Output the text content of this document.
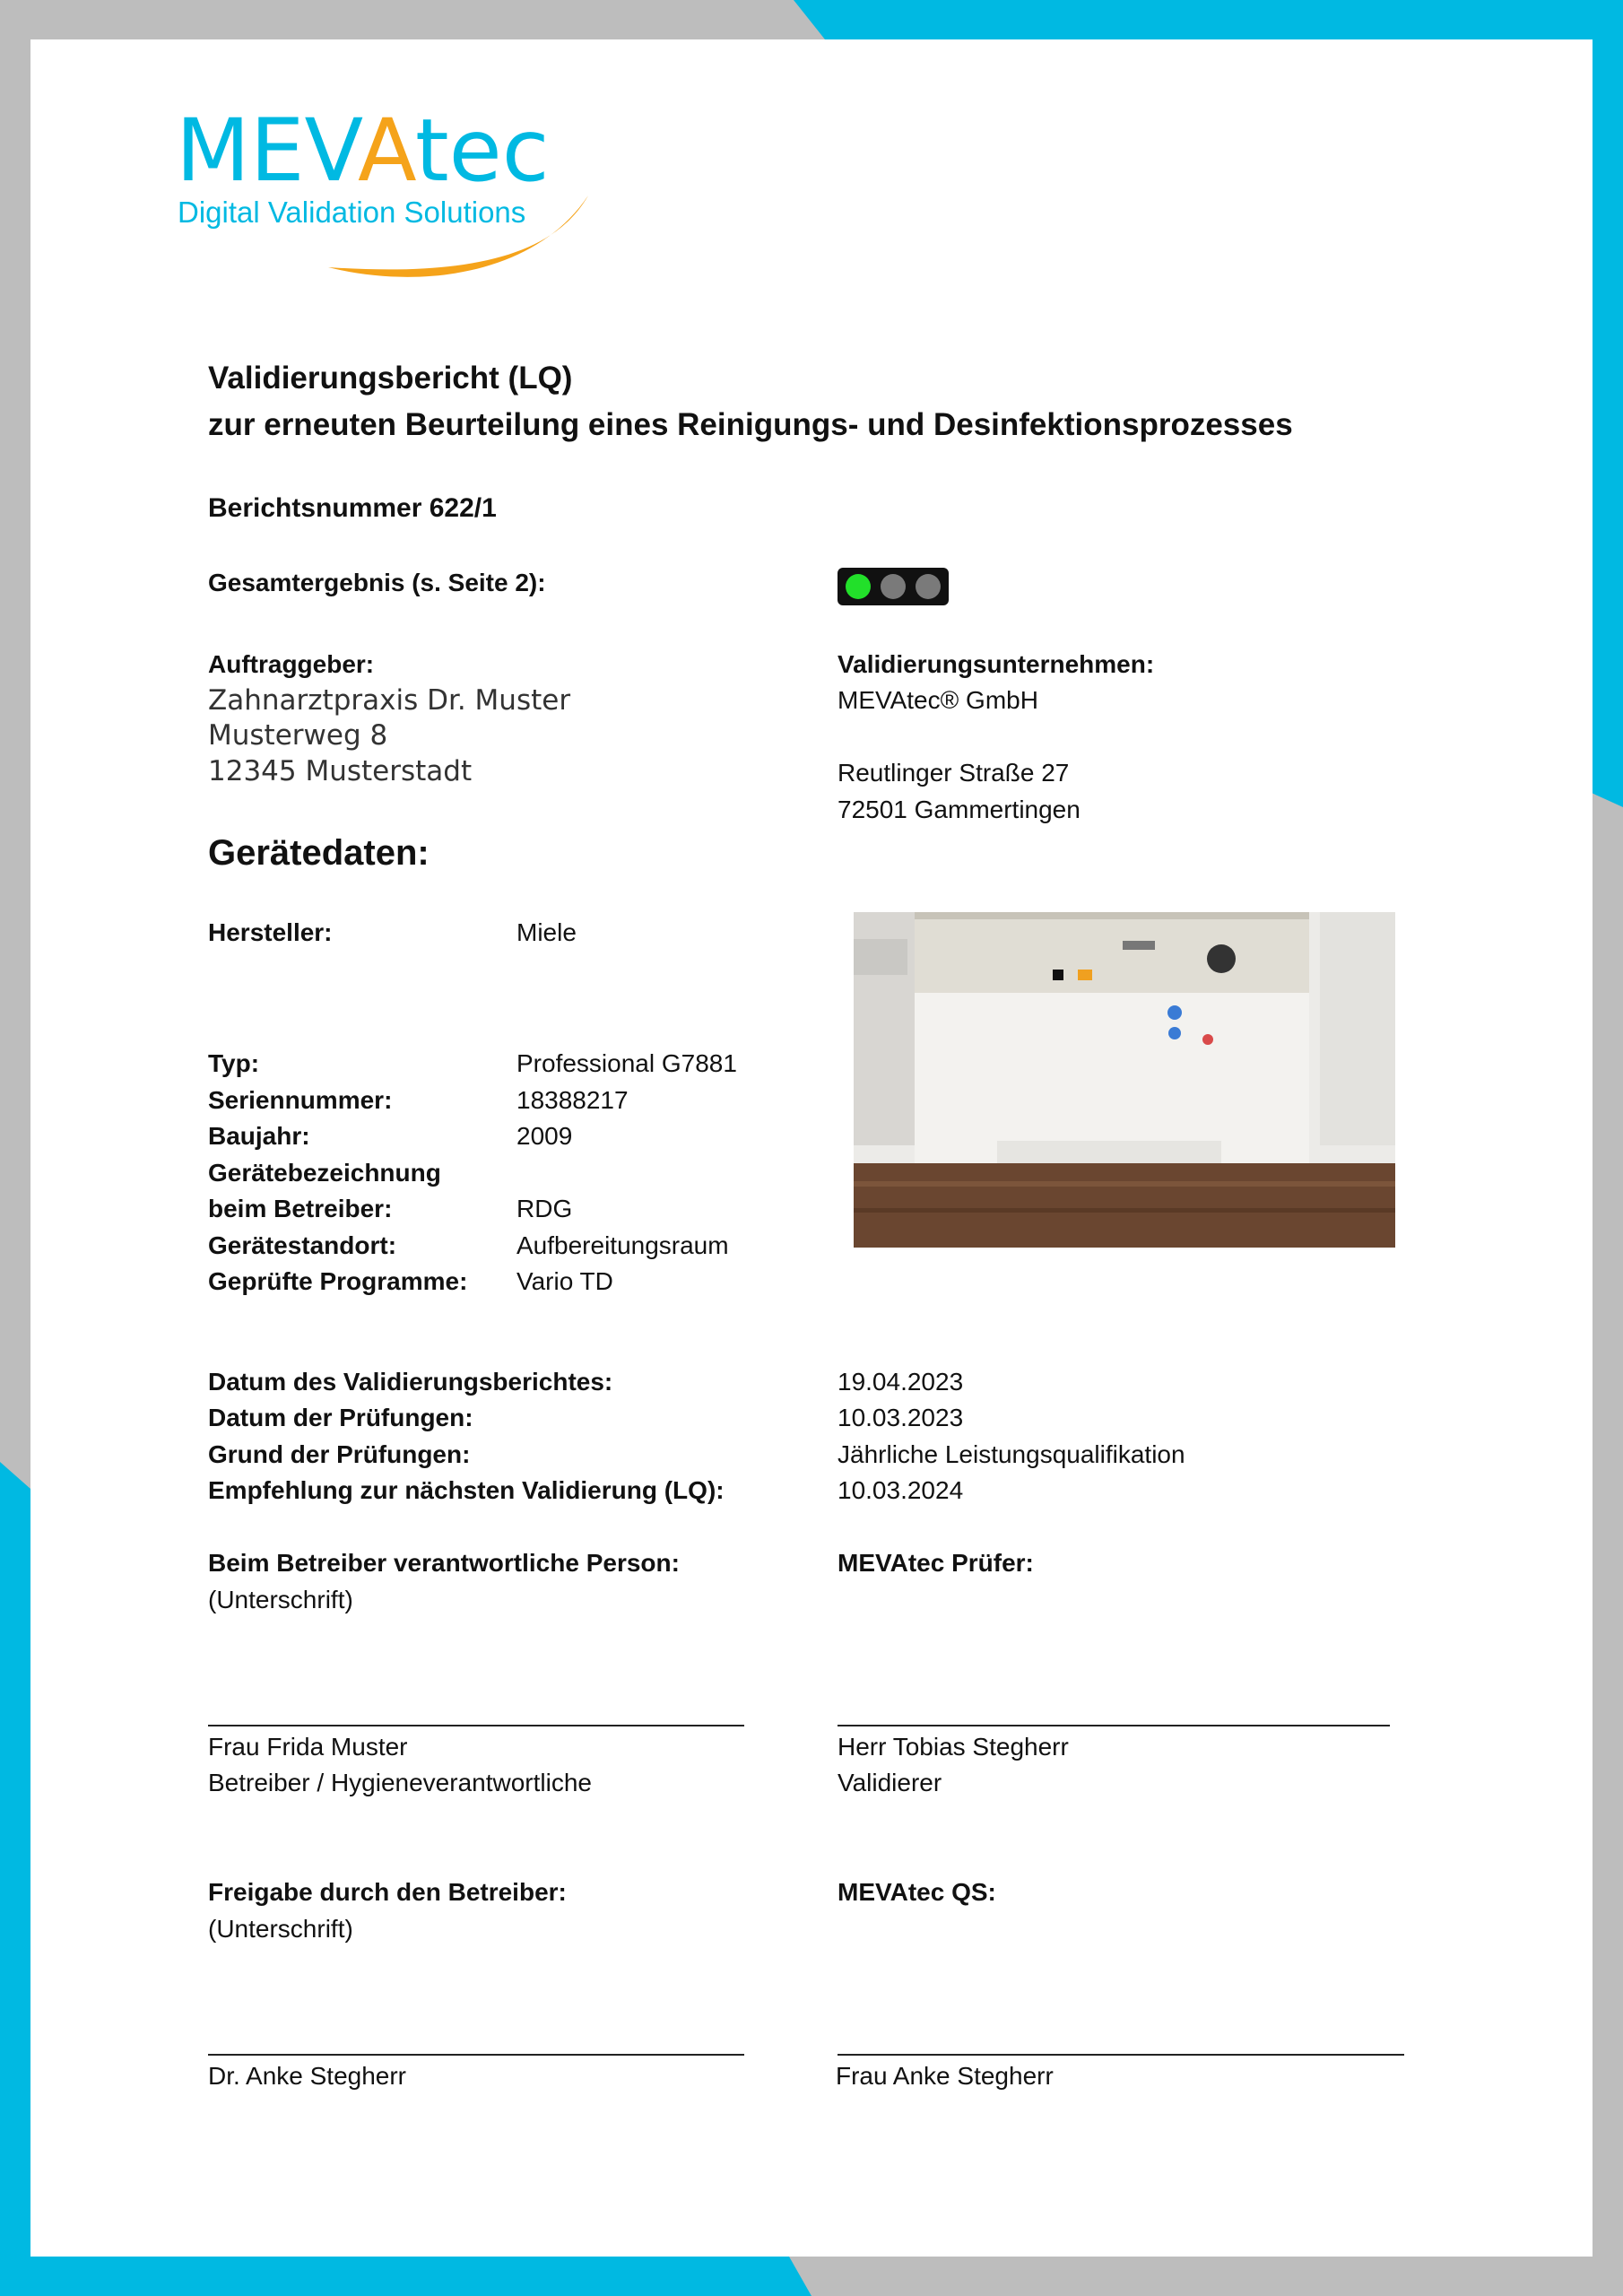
MEVAtec
Digital Validation Solutions
Validierungsbericht (LQ)
zur erneuten Beurteilung eines Reinigungs- und Desinfektionsprozesses
Berichtsnummer 622/1
Gesamtergebnis (s. Seite 2):
Auftraggeber:
Zahnarztpraxis Dr. Muster
Musterweg 8
12345 Musterstadt
Validierungsunternehmen:
MEVAtec® GmbH
Reutlinger Straße 27
72501 Gammertingen
Gerätedaten:
Hersteller:	Miele
Typ:	Professional G7881
Seriennummer:	18388217
Baujahr:	2009
Gerätebezeichnung
beim Betreiber:	RDG
Gerätestandort:	Aufbereitungsraum
Geprüfte Programme: Vario TD
Datum des Validierungsberichtes:	19.04.2023
Datum der Prüfungen:	10.03.2023
Grund der Prüfungen:	Jährliche Leistungsqualifikation
Empfehlung zur nächsten Validierung (LQ):	10.03.2024
Beim Betreiber verantwortliche Person:
(Unterschrift)
MEVAtec Prüfer:
Frau Frida Muster
Betreiber / Hygieneverantwortliche
Herr Tobias Stegherr
Validierer
Freigabe durch den Betreiber:
(Unterschrift)
MEVAtec QS:
Dr. Anke Stegherr	Frau Anke Stegherr
